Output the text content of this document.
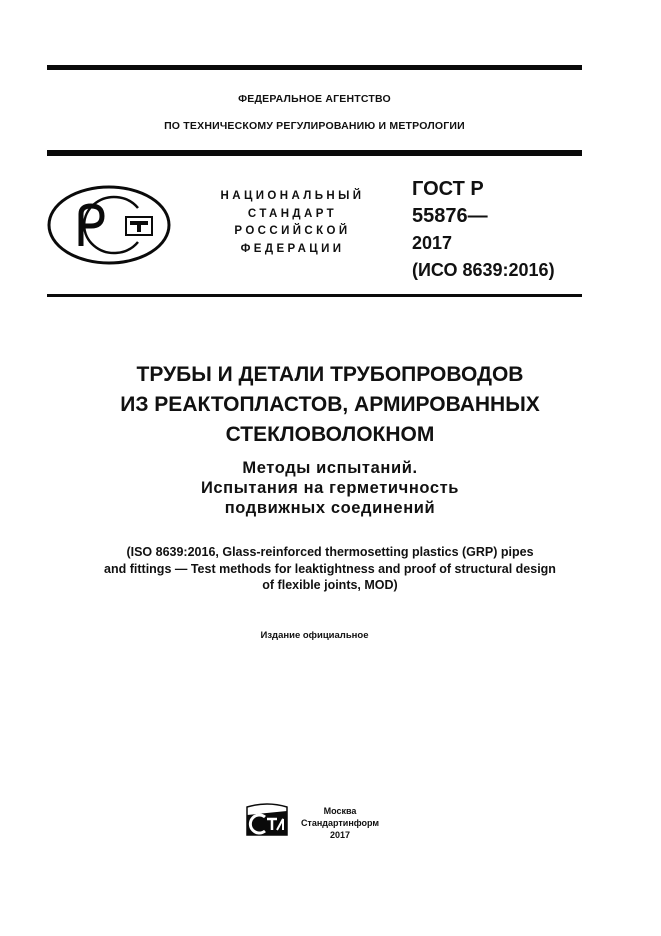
ФЕДЕРАЛЬНОЕ АГЕНТСТВО
ПО ТЕХНИЧЕСКОМУ РЕГУЛИРОВАНИЮ И МЕТРОЛОГИИ
НАЦИОНАЛЬНЫЙ
СТАНДАРТ
РОССИЙСКОЙ
ФЕДЕРАЦИИ
ГОСТ Р
55876—
2017
(ИСО 8639:2016)
ТРУБЫ И ДЕТАЛИ ТРУБОПРОВОДОВ
ИЗ РЕАКТОПЛАСТОВ, АРМИРОВАННЫХ
СТЕКЛОВОЛОКНОМ
Методы испытаний.
Испытания на герметичность
подвижных соединений
(ISO 8639:2016, Glass-reinforced thermosetting plastics (GRP) pipes
and fittings — Test methods for leaktightness and proof of structural design
of flexible joints, MOD)
Издание официальное
Москва
Стандартинформ
2017
